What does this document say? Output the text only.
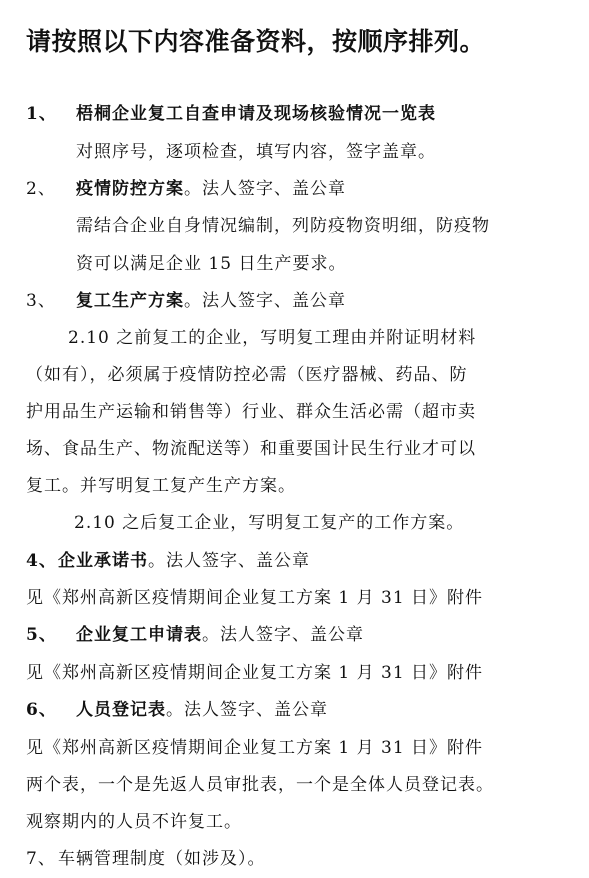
请按照以下内容准备资料，按顺序排列。
1、 梧桐企业复工自查申请及现场核验情况一览表
对照序号，逐项检查，填写内容，签字盖章。
2、 疫情防控方案。法人签字、盖公章
需结合企业自身情况编制，列防疫物资明细，防疫物
资可以满足企业 15 日生产要求。
3、 复工生产方案。法人签字、盖公章
2.10 之前复工的企业，写明复工理由并附证明材料
（如有），必须属于疫情防控必需（医疗器械、药品、防
护用品生产运输和销售等）行业、群众生活必需（超市卖
场、食品生产、物流配送等）和重要国计民生行业才可以
复工。并写明复工复产生产方案。
2.10 之后复工企业，写明复工复产的工作方案。
4、企业承诺书。法人签字、盖公章
见《郑州高新区疫情期间企业复工方案 1 月 31 日》附件
5、 企业复工申请表。法人签字、盖公章
见《郑州高新区疫情期间企业复工方案 1 月 31 日》附件
6、 人员登记表。法人签字、盖公章
见《郑州高新区疫情期间企业复工方案 1 月 31 日》附件
两个表，一个是先返人员审批表，一个是全体人员登记表。
观察期内的人员不许复工。
7、 车辆管理制度（如涉及）。
